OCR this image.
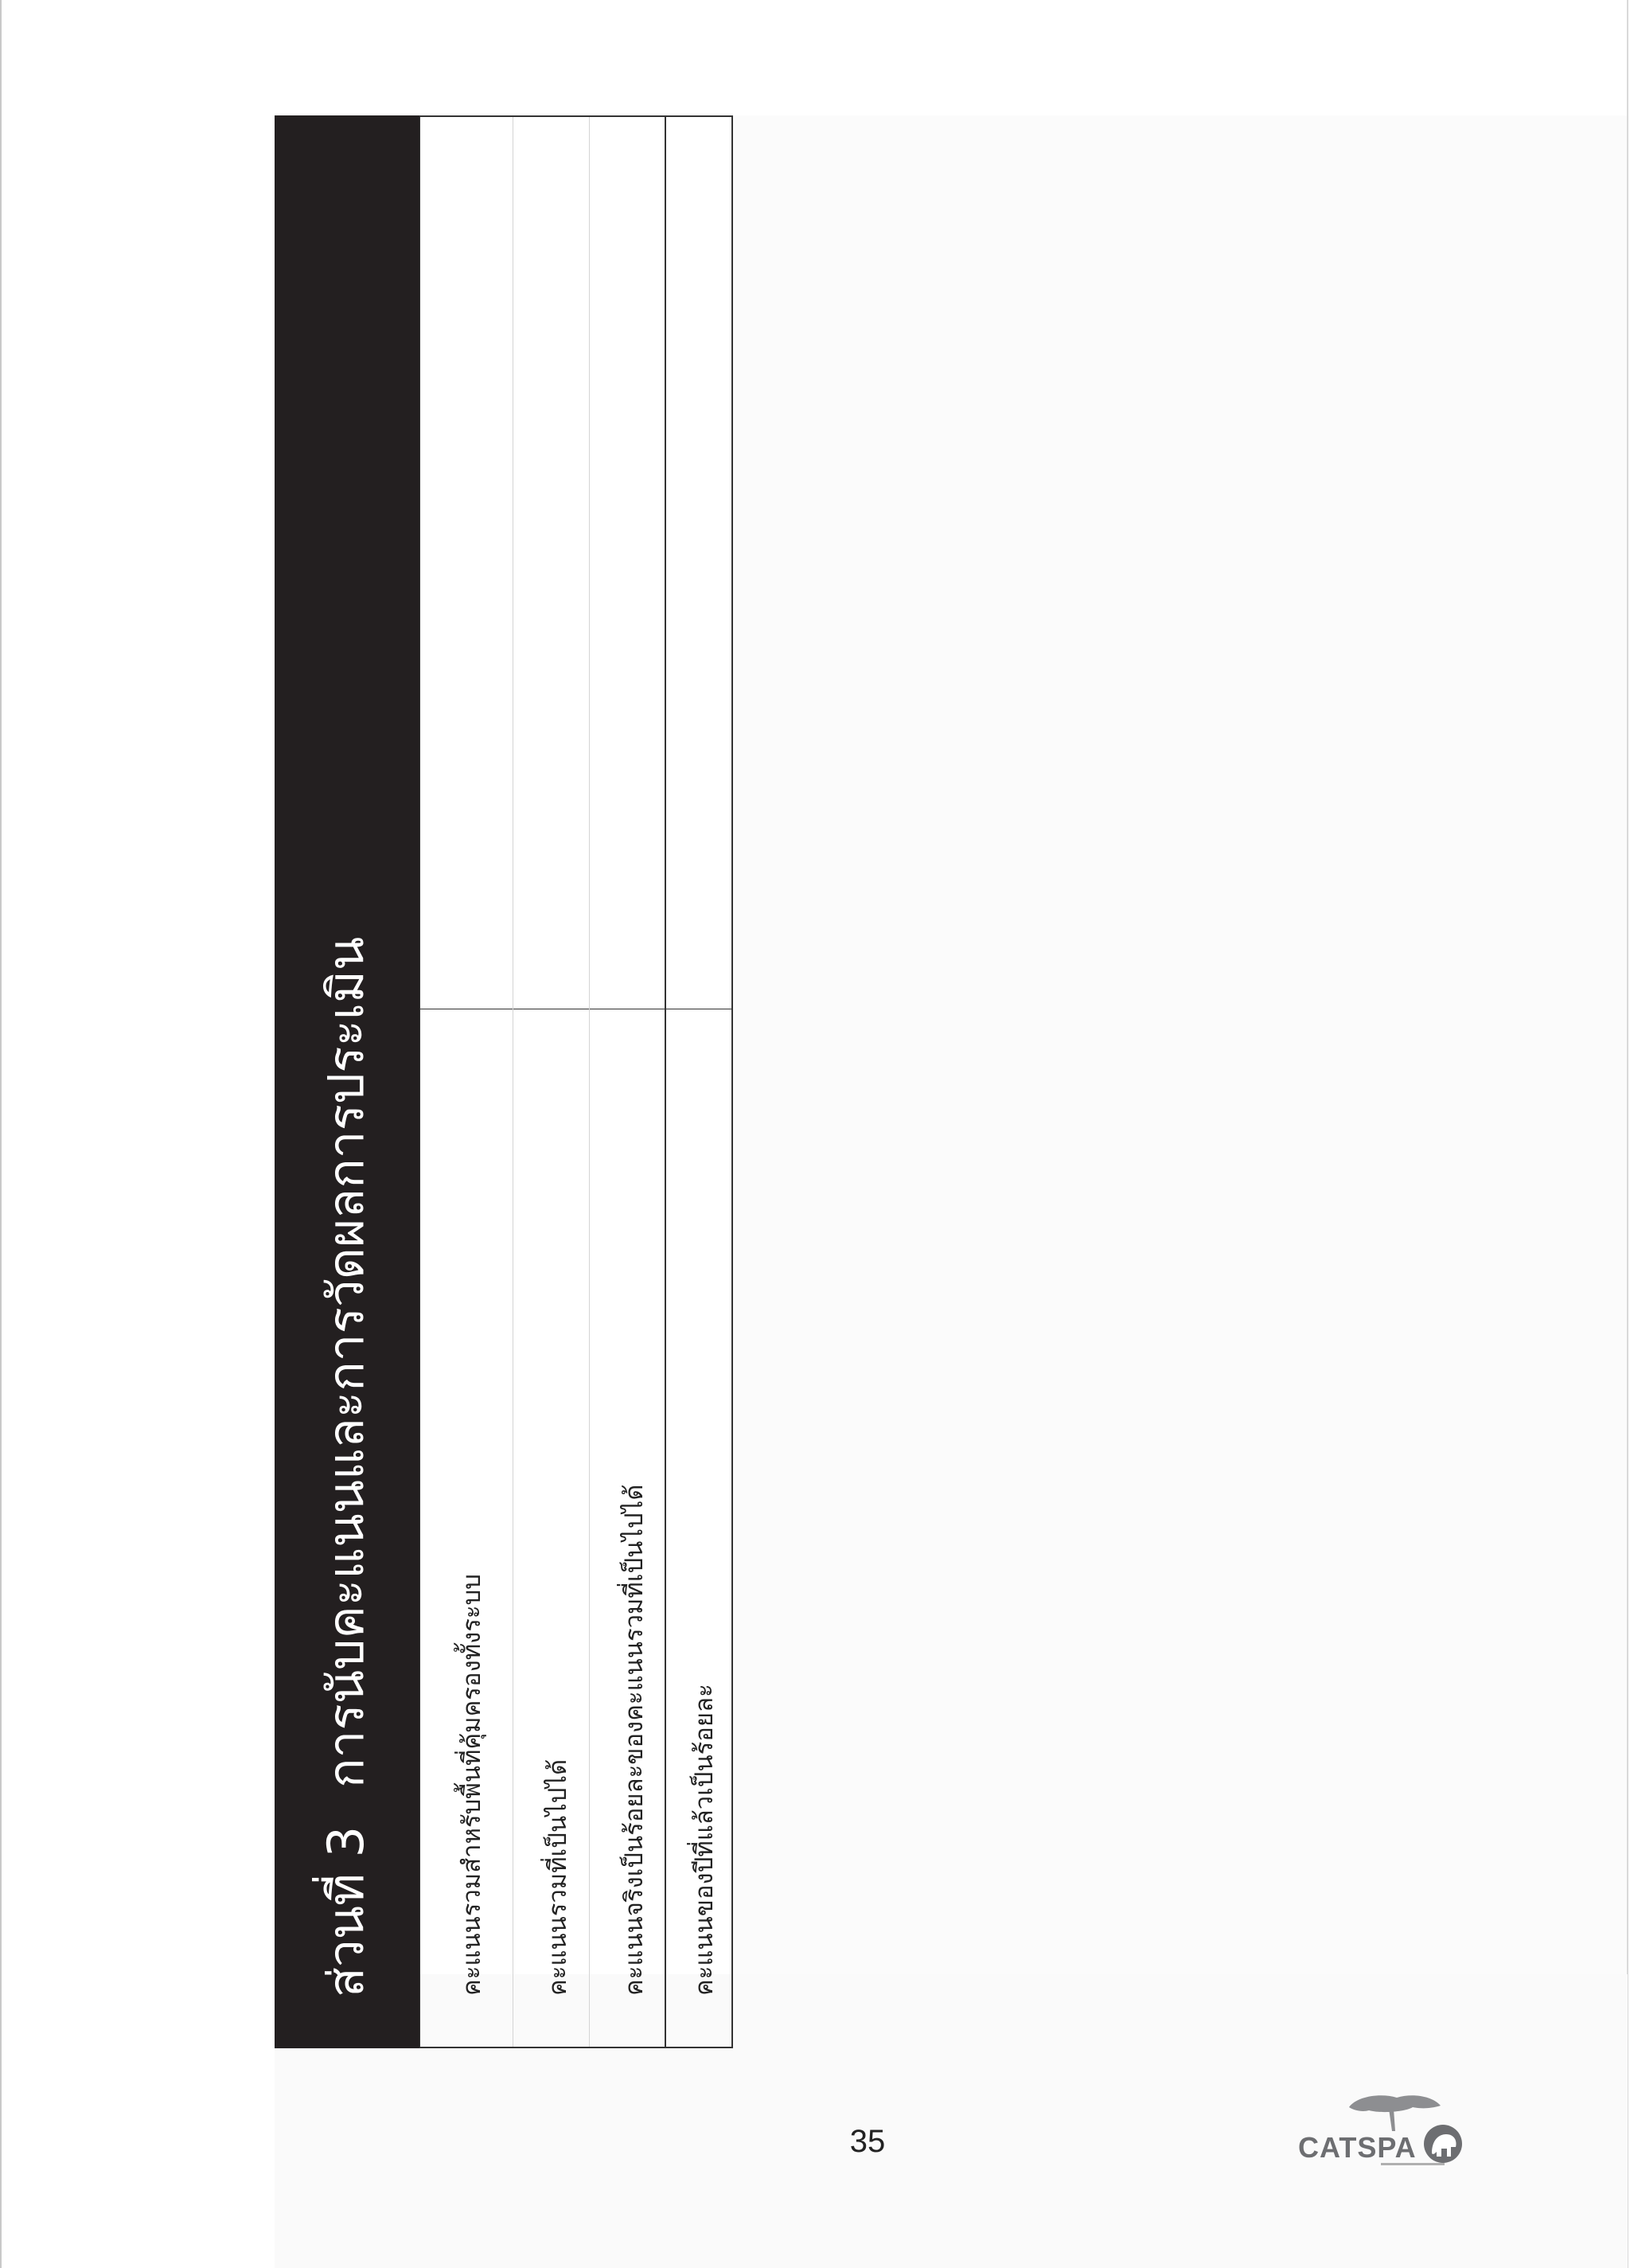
ส่วนที่ 3การนับคะแนนและการวัดผลการประเมิน	คะแนนรวมสำหรับพื้นที่คุ้มครองทั้งระบบ คะแนนรวมที่เป็นไปได้ คะแนนจริงเป็นร้อยละของคะแนนรวมที่เป็นไปได้ คะแนนของปีที่แล้วเป็นร้อยละ
35	CATSPA
